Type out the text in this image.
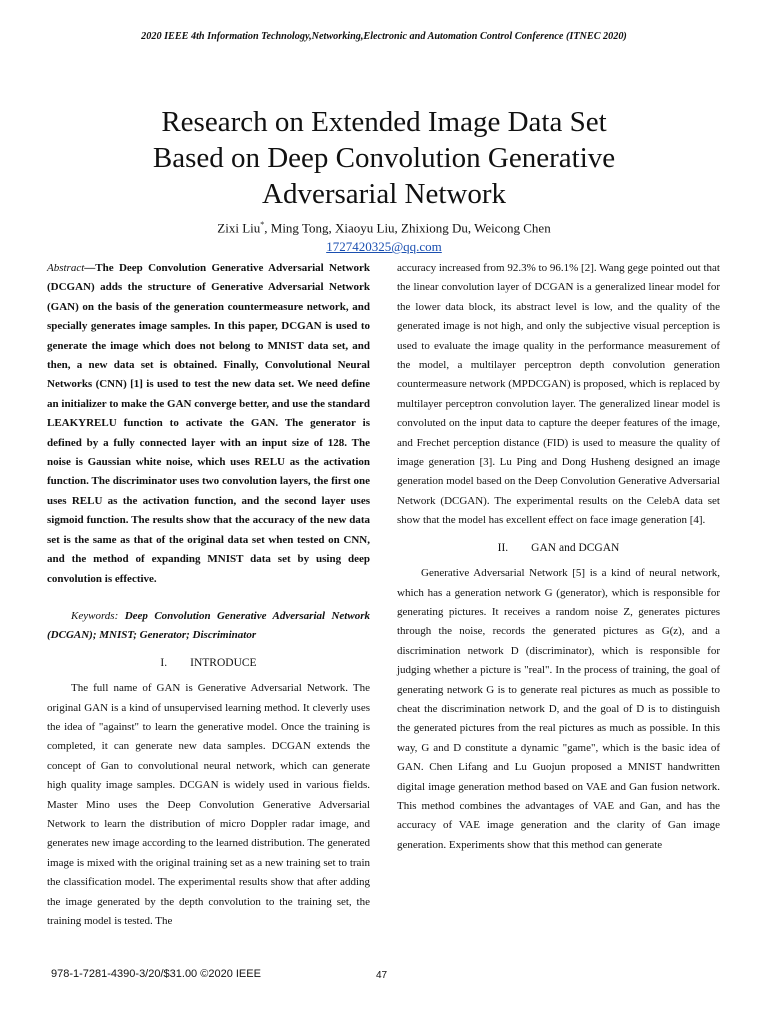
2020 IEEE 4th Information Technology,Networking,Electronic and Automation Control Conference (ITNEC 2020)
Research on Extended Image Data Set
Based on Deep Convolution Generative
Adversarial Network
Zixi Liu*, Ming Tong, Xiaoyu Liu, Zhixiong Du, Weicong Chen
1727420325@qq.com

Abstract—The Deep Convolution Generative Adversarial Network (DCGAN) adds the structure of Generative Adversarial Network (GAN) on the basis of the generation countermeasure network, and specially generates image samples. In this paper, DCGAN is used to generate the image which does not belong to MNIST data set, and then, a new data set is obtained. Finally, Convolutional Neural Networks (CNN) [1] is used to test the new data set. We need define an initializer to make the GAN converge better, and use the standard LEAKYRELU function to activate the GAN. The generator is defined by a fully connected layer with an input size of 128. The noise is Gaussian white noise, which uses RELU as the activation function. The discriminator uses two convolution layers, the first one uses RELU as the activation function, and the second layer uses sigmoid function. The results show that the accuracy of the new data set is the same as that of the original data set when tested on CNN, and the method of expanding MNIST data set by using deep convolution is effective.

Keywords: Deep Convolution Generative Adversarial Network (DCGAN); MNIST; Generator; Discriminator

I.  INTRODUCE

The full name of GAN is Generative Adversarial Network. The original GAN is a kind of unsupervised learning method. It cleverly uses the idea of "against" to learn the generative model. Once the training is completed, it can generate new data samples. DCGAN extends the concept of Gan to convolutional neural network, which can generate high quality image samples. DCGAN is widely used in various fields. Master Mino uses the Deep Convolution Generative Adversarial Network to learn the distribution of micro Doppler radar image, and generates new image according to the learned distribution. The generated image is mixed with the original training set as a new training set to train the classification model. The experimental results show that after adding the image generated by the depth convolution to the training set, the training model is tested. The

accuracy increased from 92.3% to 96.1% [2]. Wang gege pointed out that the linear convolution layer of DCGAN is a generalized linear model for the lower data block, its abstract level is low, and the quality of the generated image is not high, and only the subjective visual perception is used to evaluate the image quality in the performance measurement of the model, a multilayer perceptron depth convolution generation countermeasure network (MPDCGAN) is proposed, which is replaced by multilayer perceptron convolution layer. The generalized linear model is convoluted on the input data to capture the deeper features of the image, and Frechet perception distance (FID) is used to measure the quality of image generation [3]. Lu Ping and Dong Husheng designed an image generation model based on the Deep Convolution Generative Adversarial Network (DCGAN). The experimental results on the CelebA data set show that the model has excellent effect on face image generation [4].

II.  GAN and DCGAN

Generative Adversarial Network [5] is a kind of neural network, which has a generation network G (generator), which is responsible for generating pictures. It receives a random noise Z, generates pictures through the noise, records the generated pictures as G(z), and a discrimination network D (discriminator), which is responsible for judging whether a picture is "real". In the process of training, the goal of generating network G is to generate real pictures as much as possible to cheat the discrimination network D, and the goal of D is to distinguish the generated pictures from the real pictures as much as possible. In this way, G and D constitute a dynamic "game", which is the basic idea of GAN. Chen Lifang and Lu Guojun proposed a MNIST handwritten digital image generation method based on VAE and Gan fusion network. This method combines the advantages of VAE and Gan, and has the accuracy of VAE image generation and the clarity of Gan image generation. Experiments show that this method can generate

978-1-7281-4390-3/20/$31.00 ©2020 IEEE	47
